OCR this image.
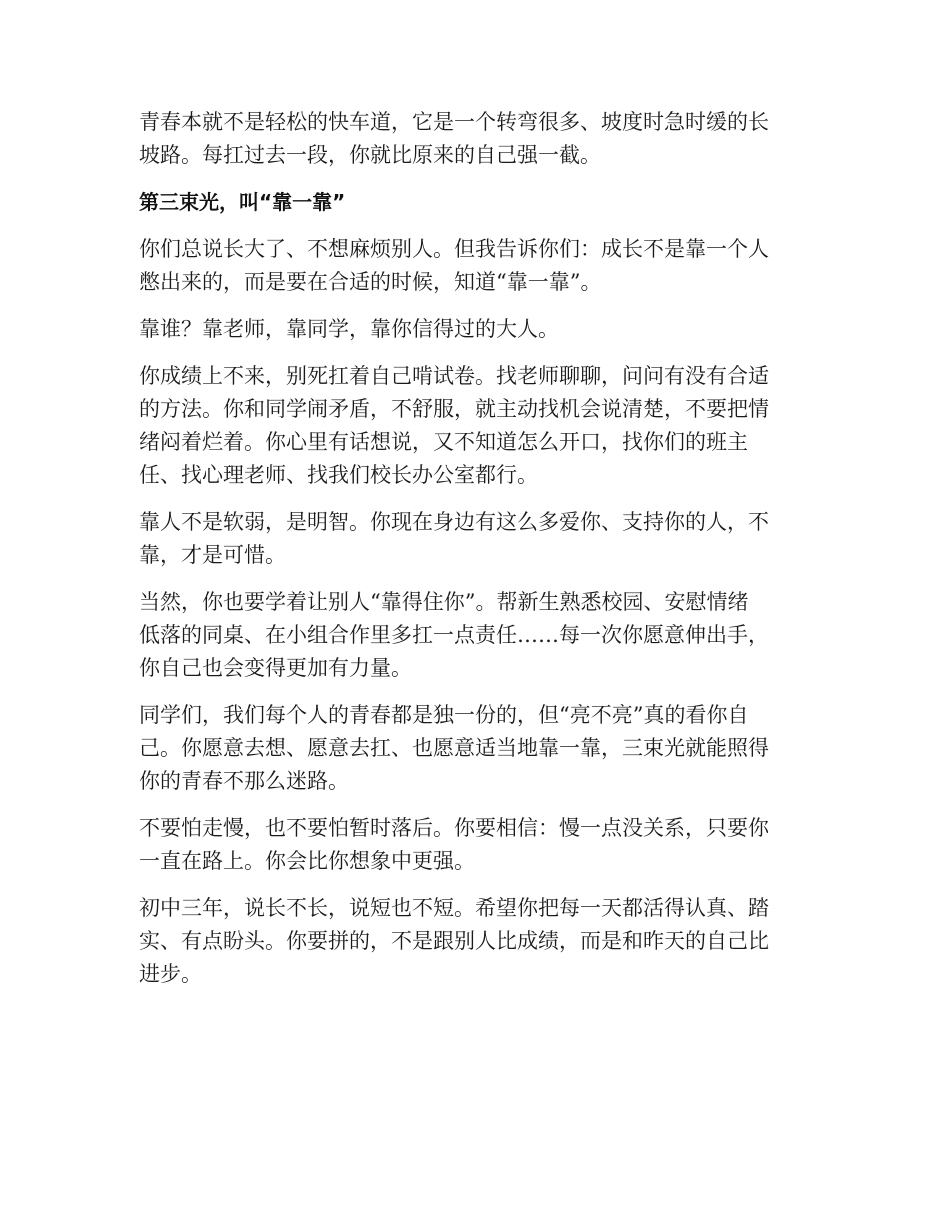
青春本就不是轻松的快车道，它是一个转弯很多、坡度时急时缓的长
坡路。每扛过去一段，你就比原来的自己强一截。
第三束光，叫“靠一靠”
你们总说长大了、不想麻烦别人。但我告诉你们：成长不是靠一个人
憋出来的，而是要在合适的时候，知道“靠一靠”。
靠谁？靠老师，靠同学，靠你信得过的大人。
你成绩上不来，别死扛着自己啃试卷。找老师聊聊，问问有没有合适
的方法。你和同学闹矛盾，不舒服，就主动找机会说清楚，不要把情
绪闷着烂着。你心里有话想说，又不知道怎么开口，找你们的班主
任、找心理老师、找我们校长办公室都行。
靠人不是软弱，是明智。你现在身边有这么多爱你、支持你的人，不
靠，才是可惜。
当然，你也要学着让别人“靠得住你”。帮新生熟悉校园、安慰情绪
低落的同桌、在小组合作里多扛一点责任……每一次你愿意伸出手，
你自己也会变得更加有力量。
同学们，我们每个人的青春都是独一份的，但“亮不亮”真的看你自
己。你愿意去想、愿意去扛、也愿意适当地靠一靠，三束光就能照得
你的青春不那么迷路。
不要怕走慢，也不要怕暂时落后。你要相信：慢一点没关系，只要你
一直在路上。你会比你想象中更强。
初中三年，说长不长，说短也不短。希望你把每一天都活得认真、踏
实、有点盼头。你要拼的，不是跟别人比成绩，而是和昨天的自己比
进步。
